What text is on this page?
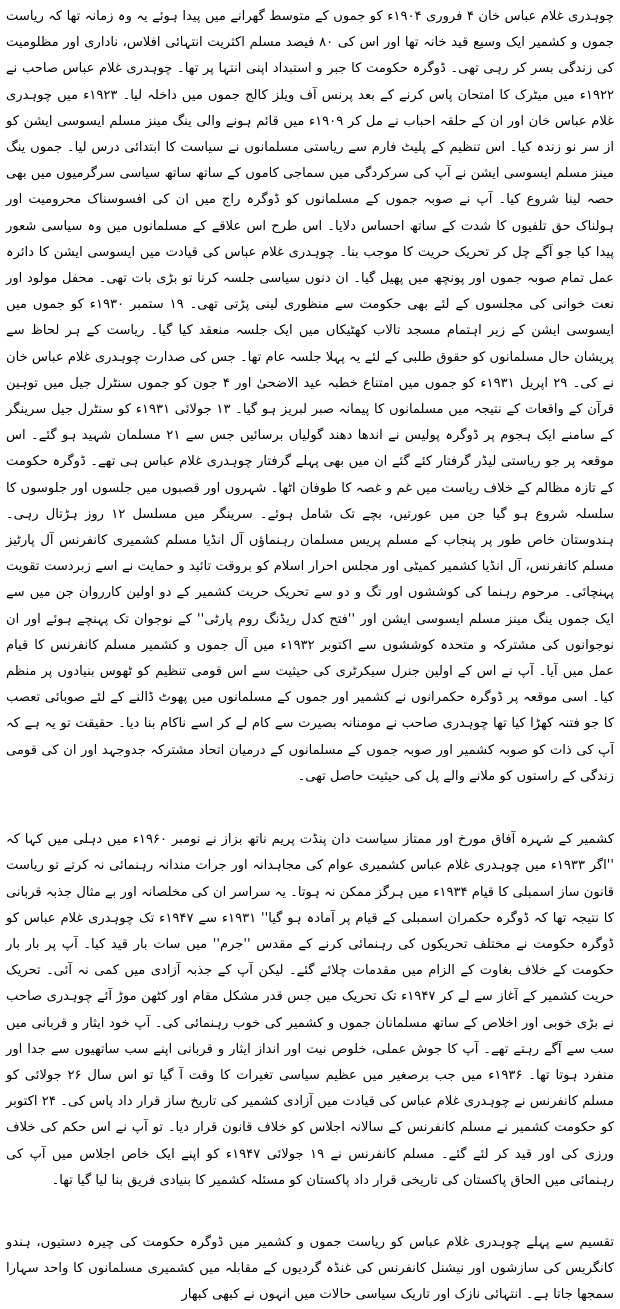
چوہدری غلام عباس خان ۴ فروری ۱۹۰۴ء کو جموں کے متوسط گھرانے میں پیدا ہوئے یہ وہ زمانہ تھا کہ ریاست جموں و کشمیر ایک وسیع قید خانہ تھا اور اس کی ۸۰ فیصد مسلم اکثریت انتہائی افلاس، ناداری اور مظلومیت کی زندگی بسر کر رہی تھی۔ ڈوگرہ حکومت کا جبر و استبداد اپنی انتہا پر تھا۔ چوہدری غلام عباس صاحب نے ۱۹۲۲ء میں میٹرک کا امتحان پاس کرنے کے بعد پرنس آف ویلز کالج جموں میں داخلہ لیا۔ ۱۹۲۳ء میں چوہدری غلام عباس خان اور ان کے حلقہ احباب نے مل کر ۱۹۰۹ء میں قائم ہونے والی ینگ مینز مسلم ایسوسی ایشن کو از سر نو زندہ کیا۔ اس تنظیم کے پلیٹ فارم سے ریاستی مسلمانوں نے سیاست کا ابتدائی درس لیا۔ جموں ینگ مینز مسلم ایسوسی ایشن نے آپ کی سرکردگی میں سماجی کاموں کے ساتھ ساتھ سیاسی سرگرمیوں میں بھی حصہ لینا شروع کیا۔ آپ نے صوبہ جموں کے مسلمانوں کو ڈوگرہ راج میں ان کی افسوسناک محرومیت اور ہولناک حق تلفیوں کا شدت کے ساتھ احساس دلایا۔ اس طرح اس علاقے کے مسلمانوں میں وہ سیاسی شعور پیدا کیا جو آگے چل کر تحریک حریت کا موجب بنا۔ چوہدری غلام عباس کی قیادت میں ایسوسی ایشن کا دائرہ عمل تمام صوبہ جموں اور پونچھ میں پھیل گیا۔ ان دنوں سیاسی جلسہ کرنا تو بڑی بات تھی۔ محفل مولود اور نعت خوانی کی مجلسوں کے لئے بھی حکومت سے منظوری لینی پڑتی تھی۔ ۱۹ ستمبر ۱۹۳۰ء کو جموں میں ایسوسی ایشن کے زیر اہتمام مسجد تالاب کھٹیکاں میں ایک جلسہ منعقد کیا گیا۔ ریاست کے ہر لحاظ سے پریشان حال مسلمانوں کو حقوق طلبی کے لئے یہ پہلا جلسہ عام تھا۔ جس کی صدارت چوہدری غلام عباس خان نے کی۔ ۲۹ اپریل ۱۹۳۱ء کو جموں میں امتناع خطبہ عید الاضحیٰ اور ۴ جون کو جموں سنٹرل جیل میں توہین قرآن کے واقعات کے نتیجہ میں مسلمانوں کا پیمانہ صبر لبریز ہو گیا۔ ۱۳ جولائی ۱۹۳۱ء کو سنٹرل جیل سرینگر کے سامنے ایک ہجوم پر ڈوگرہ پولیس نے اندھا دھند گولیاں برسائیں جس سے ۲۱ مسلمان شہید ہو گئے۔ اس موقعہ پر جو ریاستی لیڈر گرفتار کئے گئے ان میں بھی پہلے گرفتار چوہدری غلام عباس ہی تھے۔ ڈوگرہ حکومت کے تازہ مظالم کے خلاف ریاست میں غم و غصہ کا طوفان اٹھا۔ شہروں اور قصبوں میں جلسوں اور جلوسوں کا سلسلہ شروع ہو گیا جن میں عورتیں، بچے تک شامل ہوئے۔ سرینگر میں مسلسل ۱۲ روز ہڑتال رہی۔ ہندوستان خاص طور پر پنجاب کے مسلم پریس مسلمان رہنماؤں آل انڈیا مسلم کشمیری کانفرنس آل پارٹیز مسلم کانفرنس، آل انڈیا کشمیر کمیٹی اور مجلس احرار اسلام کو بروقت تائید و حمایت نے اسے زبردست تقویت پہنچائی۔ مرحوم رہنما کی کوششوں اور تگ و دو سے تحریک حریت کشمیر کے دو اولین کارروان جن میں سے ایک جموں ینگ مینز مسلم ایسوسی ایشن اور ''فتح کدل ریڈنگ روم پارٹی'' کے نوجوان تک پہنچے ہوئے اور ان نوجوانوں کی مشترکہ و متحدہ کوششوں سے اکتوبر ۱۹۳۲ء میں آل جموں و کشمیر مسلم کانفرنس کا قیام عمل میں آیا۔ آپ نے اس کے اولین جنرل سیکرٹری کی حیثیت سے اس قومی تنظیم کو ٹھوس بنیادوں پر منظم کیا۔ اسی موقعہ پر ڈوگرہ حکمرانوں نے کشمیر اور جموں کے مسلمانوں میں پھوٹ ڈالنے کے لئے صوبائی تعصب کا جو فتنہ کھڑا کیا تھا چوہدری صاحب نے مومنانہ بصیرت سے کام لے کر اسے ناکام بنا دیا۔ حقیقت تو یہ ہے کہ آپ کی ذات کو صوبہ کشمیر اور صوبہ جموں کے مسلمانوں کے درمیان اتحاد مشترکہ جدوجہد اور ان کی قومی زندگی کے راستوں کو ملانے والے پل کی حیثیت حاصل تھی۔

کشمیر کے شہرہ آفاق مورخ اور ممتاز سیاست دان پنڈت پریم ناتھ بزاز نے نومبر ۱۹۶۰ء میں دہلی میں کہا کہ ''اگر ۱۹۳۳ء میں چوہدری غلام عباس کشمیری عوام کی مجاہدانہ اور جرات مندانہ رہنمائی نہ کرتے تو ریاست قانون ساز اسمبلی کا قیام ۱۹۳۴ء میں ہرگز ممکن نہ ہوتا۔ یہ سراسر ان کی مخلصانہ اور بے مثال جذبہ قربانی کا نتیجہ تھا کہ ڈوگرہ حکمران اسمبلی کے قیام پر آمادہ ہو گیا'' ۱۹۳۱ء سے ۱۹۴۷ء تک چوہدری غلام عباس کو ڈوگرہ حکومت نے مختلف تحریکوں کی رہنمائی کرنے کے مقدس ''جرم'' میں سات بار قید کیا۔ آپ پر بار بار حکومت کے خلاف بغاوت کے الزام میں مقدمات چلائے گئے۔ لیکن آپ کے جذبہ آزادی میں کمی نہ آئی۔ تحریک حریت کشمیر کے آغاز سے لے کر ۱۹۴۷ء تک تحریک میں جس قدر مشکل مقام اور کٹھن موڑ آئے چوہدری صاحب نے بڑی خوبی اور اخلاص کے ساتھ مسلمانان جموں و کشمیر کی خوب رہنمائی کی۔ آپ خود ایثار و قربانی میں سب سے آگے رہتے تھے۔ آپ کا جوش عملی، خلوص نیت اور انداز ایثار و قربانی اپنے سب ساتھیوں سے جدا اور منفرد ہوتا تھا۔ ۱۹۳۶ء میں جب برصغیر میں عظیم سیاسی تغیرات کا وقت آ گیا تو اس سال ۲۶ جولائی کو مسلم کانفرنس نے چوہدری غلام عباس کی قیادت میں آزادی کشمیر کی تاریخ ساز قرار داد پاس کی۔ ۲۴ اکتوبر کو حکومت کشمیر نے مسلم کانفرنس کے سالانہ اجلاس کو خلاف قانون قرار دیا۔ تو آپ نے اس حکم کی خلاف ورزی کی اور قید کر لئے گئے۔ مسلم کانفرنس نے ۱۹ جولائی ۱۹۴۷ء کو اپنے ایک خاص اجلاس میں آپ کی رہنمائی میں الحاق پاکستان کی تاریخی قرار داد پاکستان کو مسئلہ کشمیر کا بنیادی فریق بنا لیا گیا تھا۔

تقسیم سے پہلے چوہدری غلام عباس کو ریاست جموں و کشمیر میں ڈوگرہ حکومت کی چیرہ دستیوں، ہندو کانگریس کی سازشوں اور نیشنل کانفرنس کی غنڈہ گردیوں کے مقابلہ میں کشمیری مسلمانوں کا واحد سہارا سمجھا جاتا ہے۔ انتہائی نازک اور تاریک سیاسی حالات میں انہوں نے کبھی کبھار
